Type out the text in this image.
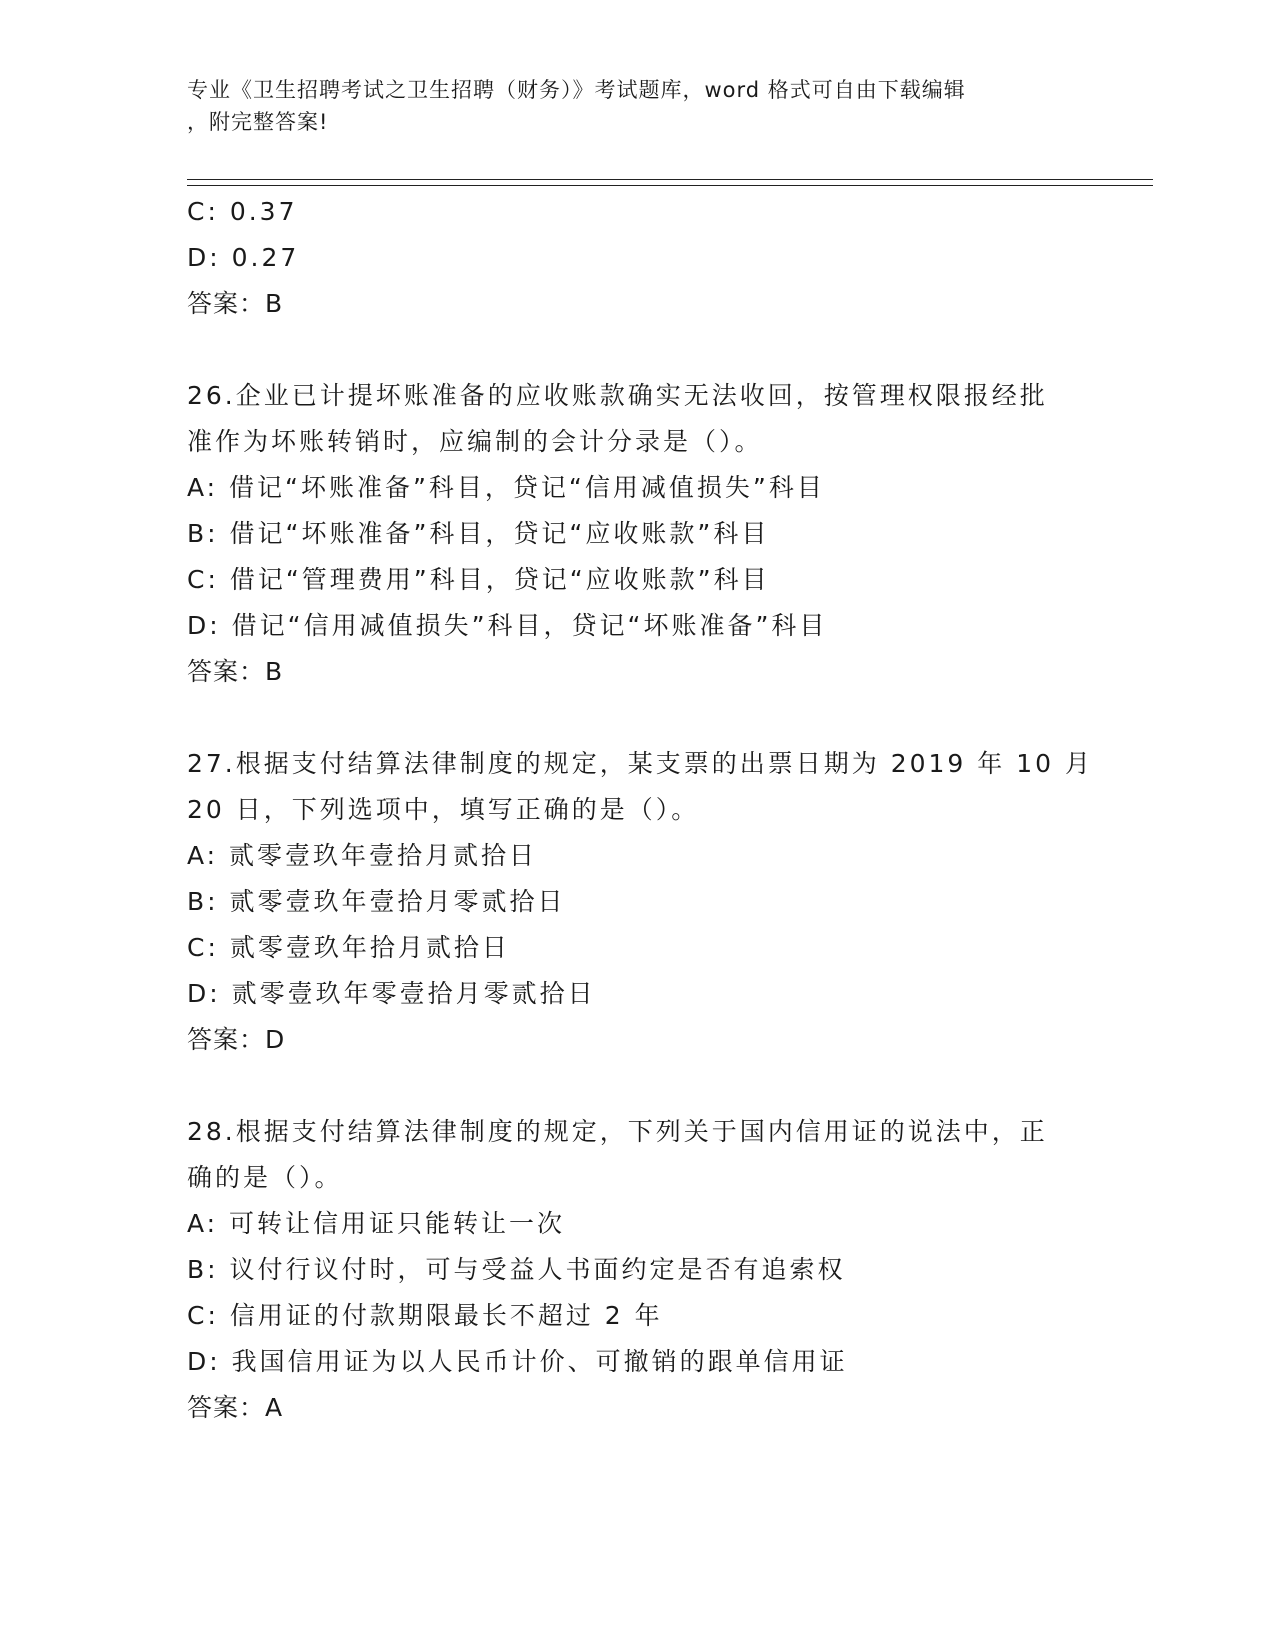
专业《卫生招聘考试之卫生招聘（财务）》考试题库，word 格式可自由下载编辑
，附完整答案!
C: 0.37
D: 0.27
答案：B
26.企业已计提坏账准备的应收账款确实无法收回，按管理权限报经批
准作为坏账转销时，应编制的会计分录是（）。
A: 借记“坏账准备”科目，贷记“信用减值损失”科目
B: 借记“坏账准备”科目，贷记“应收账款”科目
C: 借记“管理费用”科目，贷记“应收账款”科目
D: 借记“信用减值损失”科目，贷记“坏账准备”科目
答案：B
27.根据支付结算法律制度的规定，某支票的出票日期为 2019 年 10 月
20 日，下列选项中，填写正确的是（）。
A: 贰零壹玖年壹拾月贰拾日
B: 贰零壹玖年壹拾月零贰拾日
C: 贰零壹玖年拾月贰拾日
D: 贰零壹玖年零壹拾月零贰拾日
答案：D
28.根据支付结算法律制度的规定，下列关于国内信用证的说法中，正
确的是（）。
A: 可转让信用证只能转让一次
B: 议付行议付时，可与受益人书面约定是否有追索权
C: 信用证的付款期限最长不超过 2 年
D: 我国信用证为以人民币计价、可撤销的跟单信用证
答案：A
